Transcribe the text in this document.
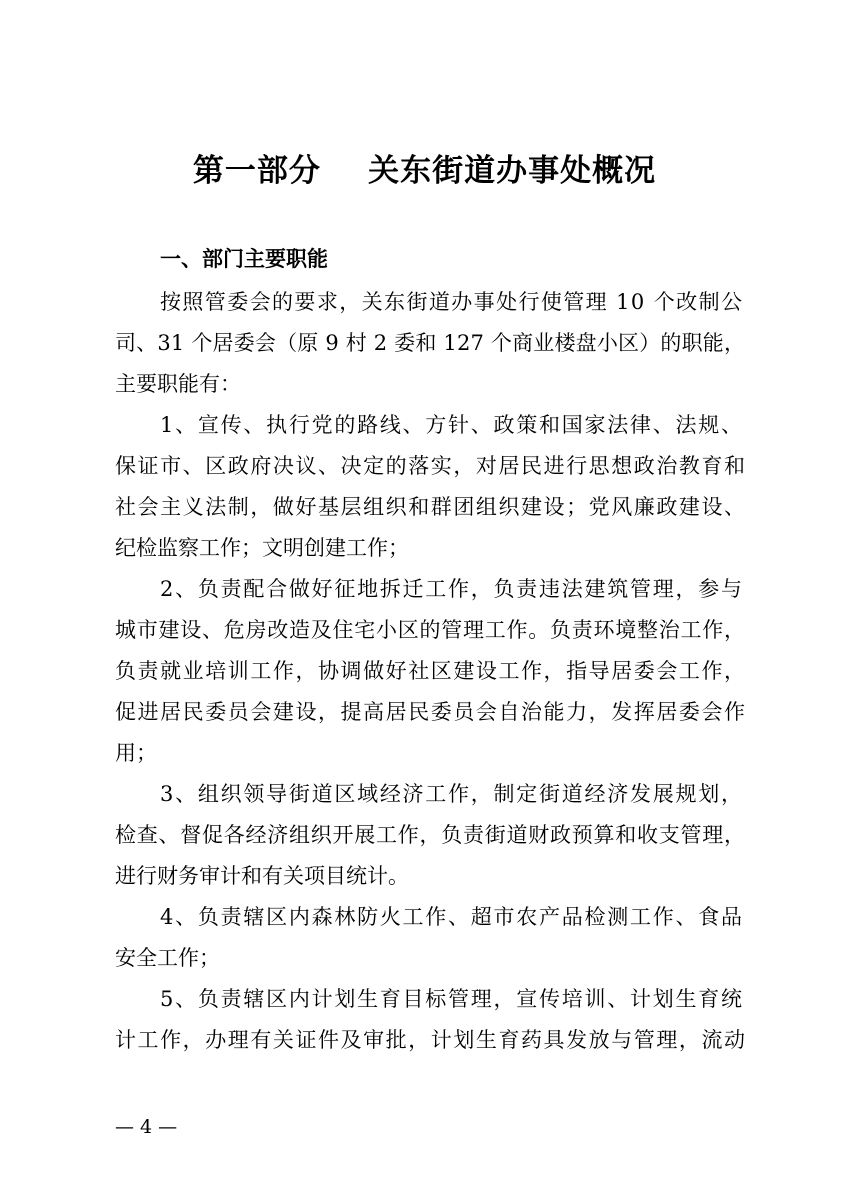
第一部分    关东街道办事处概况
一、部门主要职能
按照管委会的要求，关东街道办事处行使管理 10 个改制公
司、31 个居委会（原 9 村 2 委和 127 个商业楼盘小区）的职能，
主要职能有：
1、宣传、执行党的路线、方针、政策和国家法律、法规、
保证市、区政府决议、决定的落实，对居民进行思想政治教育和
社会主义法制，做好基层组织和群团组织建设；党风廉政建设、
纪检监察工作；文明创建工作；
2、负责配合做好征地拆迁工作，负责违法建筑管理，参与
城市建设、危房改造及住宅小区的管理工作。负责环境整治工作，
负责就业培训工作，协调做好社区建设工作，指导居委会工作，
促进居民委员会建设，提高居民委员会自治能力，发挥居委会作
用；
3、组织领导街道区域经济工作，制定街道经济发展规划，
检查、督促各经济组织开展工作，负责街道财政预算和收支管理，
进行财务审计和有关项目统计。
4、负责辖区内森林防火工作、超市农产品检测工作、食品
安全工作；
5、负责辖区内计划生育目标管理，宣传培训、计划生育统
计工作，办理有关证件及审批，计划生育药具发放与管理，流动
— 4 —
